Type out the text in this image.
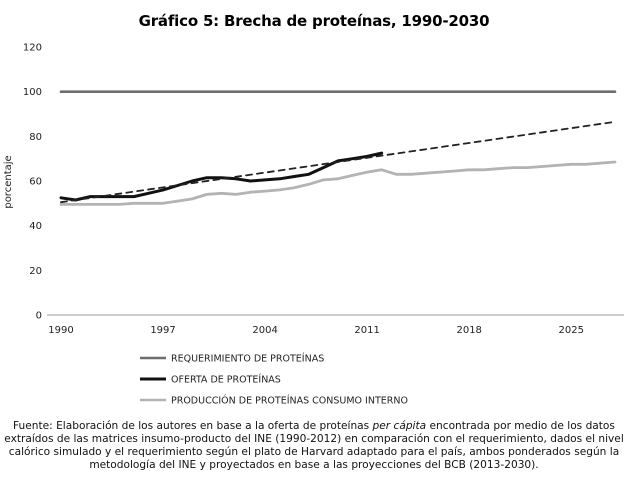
Gráfico 5: Brecha de proteínas, 1990-2030
0
20
40
60
80
100
120
1990	1997	2004	2011	2018	2025
porcentaje
REQUERIMIENTO DE PROTEÍNAS
OFERTA DE PROTEÍNAS
PRODUCCIÓN DE PROTEÍNAS CONSUMO INTERNO
Fuente: Elaboración de los autores en base a la oferta de proteínas per cápita encontrada por medio de los datos extraídos de las matrices insumo-producto del INE (1990-2012) en comparación con el requerimiento, dados el nivel calórico simulado y el requerimiento según el plato de Harvard adaptado para el país, ambos ponderados según la metodología del INE y proyectados en base a las proyecciones del BCB (2013-2030).
